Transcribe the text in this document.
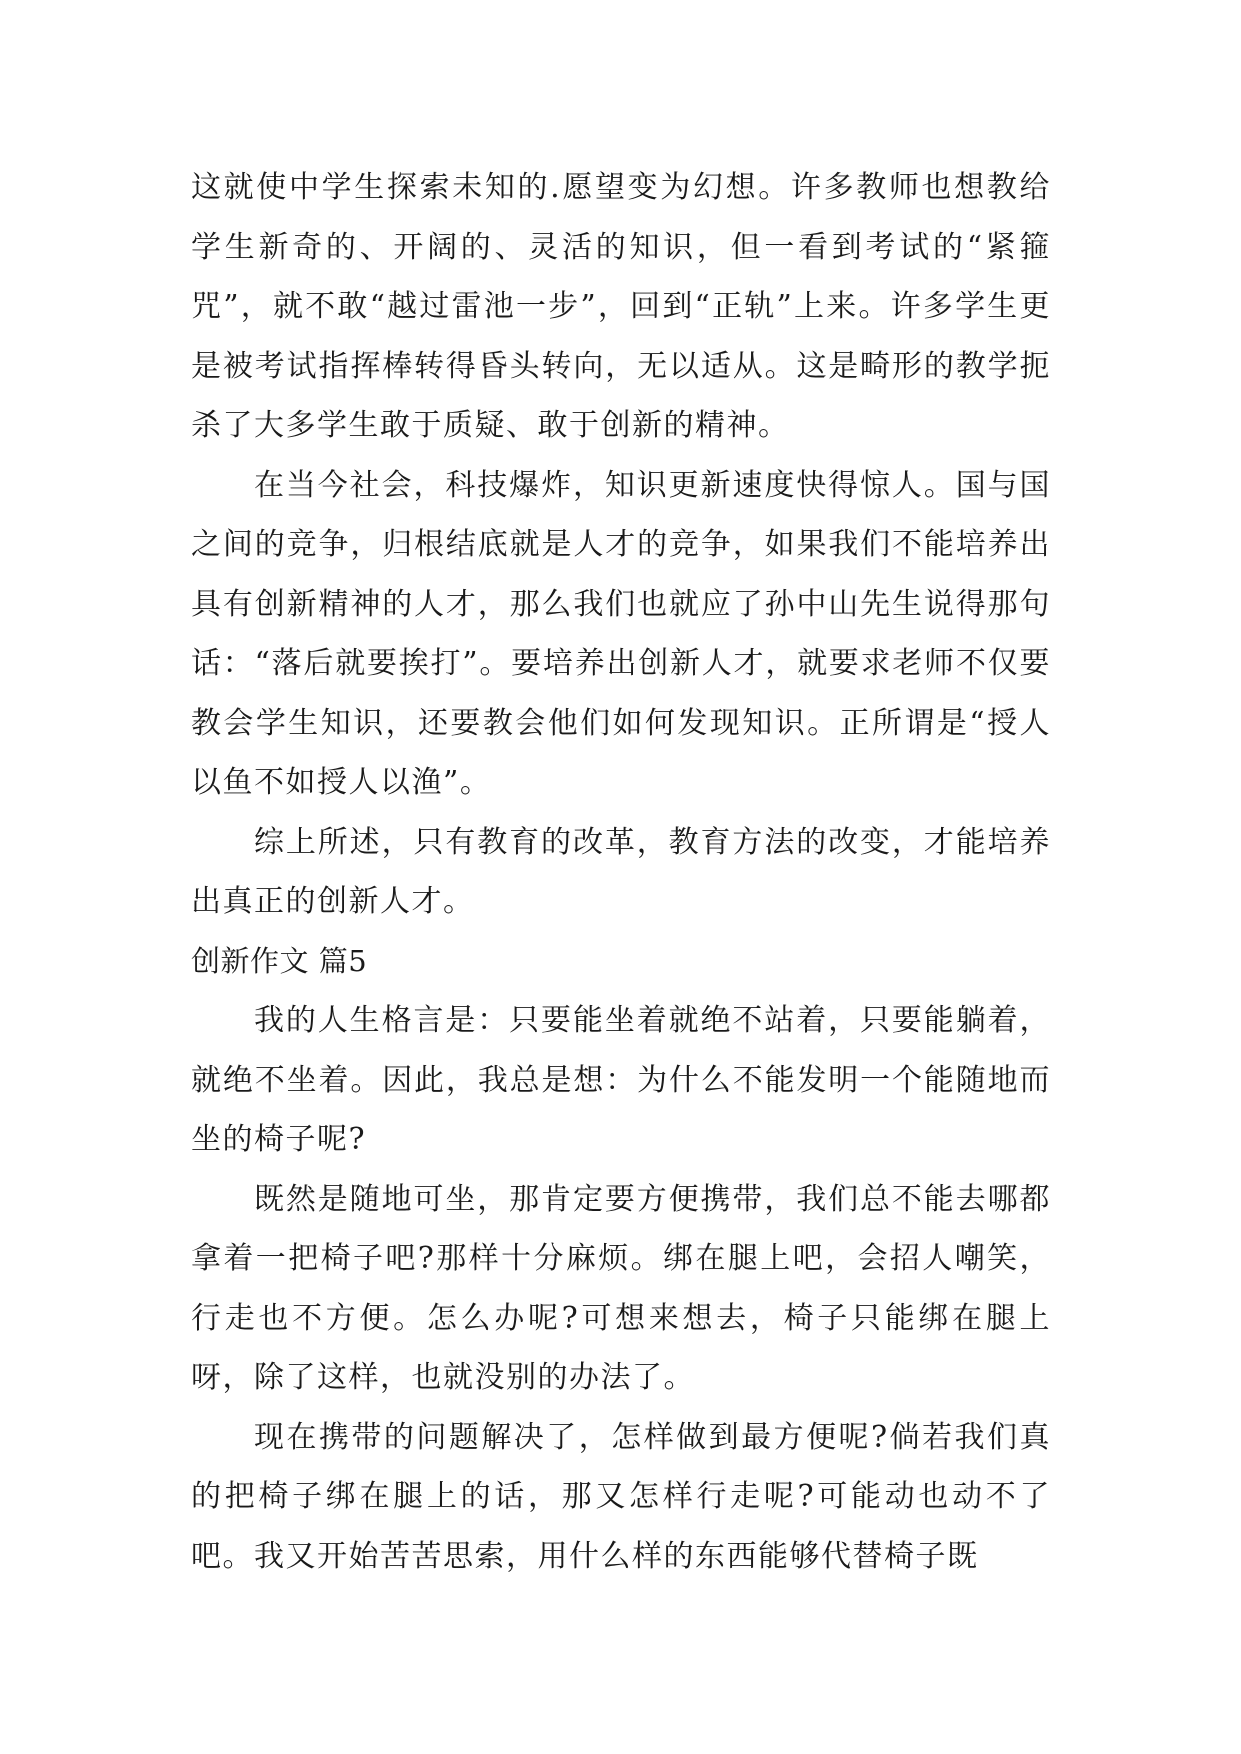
这就使中学生探索未知的.愿望变为幻想。许多教师也想教给学生新奇的、开阔的、灵活的知识，但一看到考试的“紧箍咒”，就不敢“越过雷池一步”，回到“正轨”上来。许多学生更是被考试指挥棒转得昏头转向，无以适从。这是畸形的教学扼杀了大多学生敢于质疑、敢于创新的精神。

在当今社会，科技爆炸，知识更新速度快得惊人。国与国之间的竞争，归根结底就是人才的竞争，如果我们不能培养出具有创新精神的人才，那么我们也就应了孙中山先生说得那句话：“落后就要挨打”。要培养出创新人才，就要求老师不仅要教会学生知识，还要教会他们如何发现知识。正所谓是“授人以鱼不如授人以渔”。

综上所述，只有教育的改革，教育方法的改变，才能培养出真正的创新人才。

创新作文 篇5

我的人生格言是：只要能坐着就绝不站着，只要能躺着，就绝不坐着。因此，我总是想：为什么不能发明一个能随地而坐的椅子呢?

既然是随地可坐，那肯定要方便携带，我们总不能去哪都拿着一把椅子吧?那样十分麻烦。绑在腿上吧，会招人嘲笑，行走也不方便。怎么办呢?可想来想去，椅子只能绑在腿上呀，除了这样，也就没别的办法了。

现在携带的问题解决了，怎样做到最方便呢?倘若我们真的把椅子绑在腿上的话，那又怎样行走呢?可能动也动不了吧。我又开始苦苦思索，用什么样的东西能够代替椅子既
